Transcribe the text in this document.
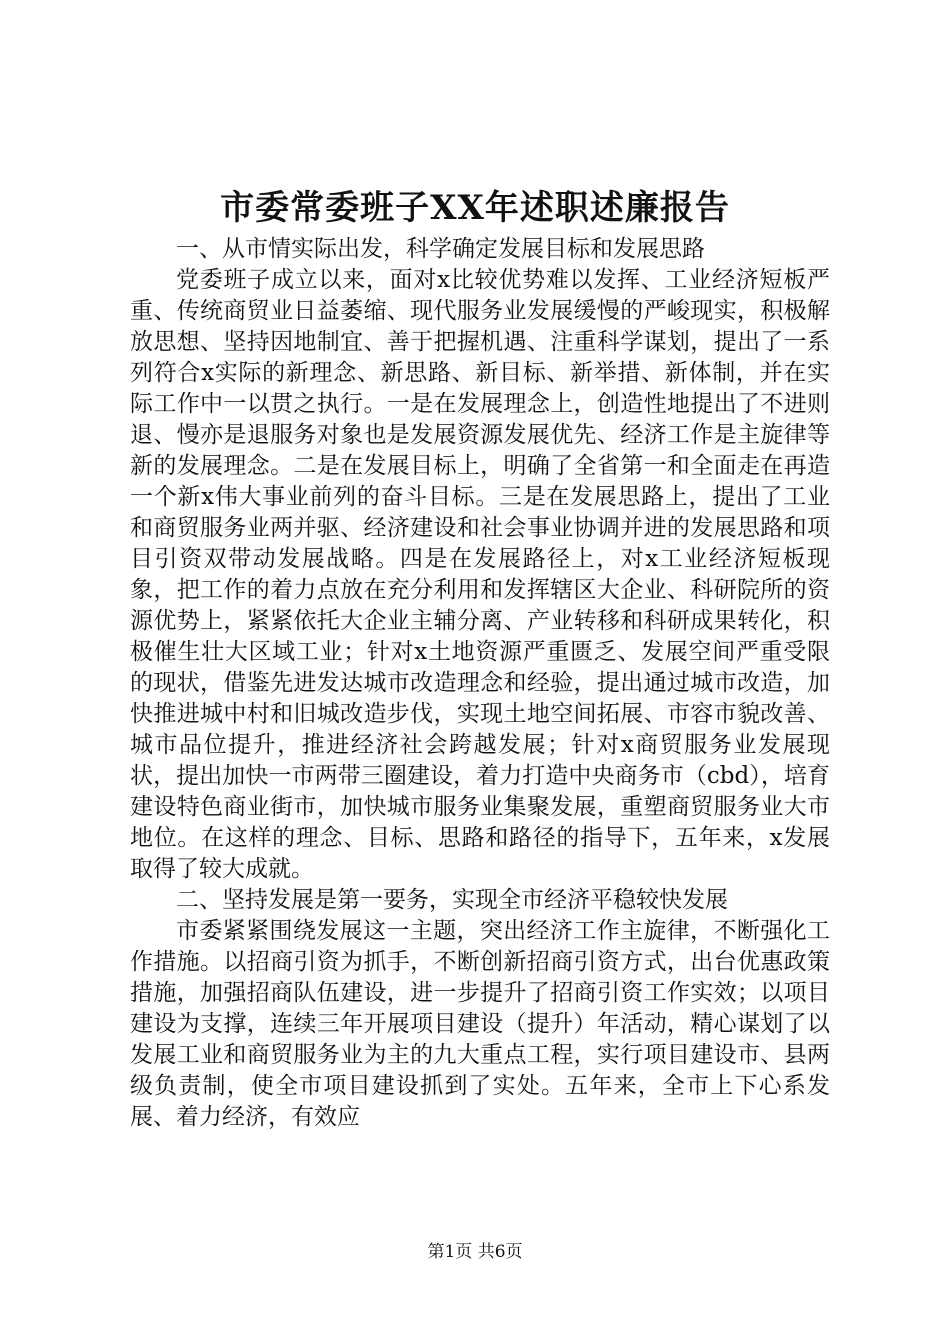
市委常委班子XX年述职述廉报告

一、从市情实际出发，科学确定发展目标和发展思路

党委班子成立以来，面对x比较优势难以发挥、工业经济短板严重、传统商贸业日益萎缩、现代服务业发展缓慢的严峻现实，积极解放思想、坚持因地制宜、善于把握机遇、注重科学谋划，提出了一系列符合x实际的新理念、新思路、新目标、新举措、新体制，并在实际工作中一以贯之执行。一是在发展理念上，创造性地提出了不进则退、慢亦是退服务对象也是发展资源发展优先、经济工作是主旋律等新的发展理念。二是在发展目标上，明确了全省第一和全面走在再造一个新x伟大事业前列的奋斗目标。三是在发展思路上，提出了工业和商贸服务业两并驱、经济建设和社会事业协调并进的发展思路和项目引资双带动发展战略。四是在发展路径上，对x工业经济短板现象，把工作的着力点放在充分利用和发挥辖区大企业、科研院所的资源优势上，紧紧依托大企业主辅分离、产业转移和科研成果转化，积极催生壮大区域工业；针对x土地资源严重匮乏、发展空间严重受限的现状，借鉴先进发达城市改造理念和经验，提出通过城市改造，加快推进城中村和旧城改造步伐，实现土地空间拓展、市容市貌改善、城市品位提升，推进经济社会跨越发展；针对x商贸服务业发展现状，提出加快一市两带三圈建设，着力打造中央商务市（cbd），培育建设特色商业街市，加快城市服务业集聚发展，重塑商贸服务业大市地位。在这样的理念、目标、思路和路径的指导下，五年来，x发展取得了较大成就。

二、坚持发展是第一要务，实现全市经济平稳较快发展

市委紧紧围绕发展这一主题，突出经济工作主旋律，不断强化工作措施。以招商引资为抓手，不断创新招商引资方式，出台优惠政策措施，加强招商队伍建设，进一步提升了招商引资工作实效；以项目建设为支撑，连续三年开展项目建设（提升）年活动，精心谋划了以发展工业和商贸服务业为主的九大重点工程，实行项目建设市、县两级负责制，使全市项目建设抓到了实处。五年来，全市上下心系发展、着力经济，有效应

第1页 共6页
